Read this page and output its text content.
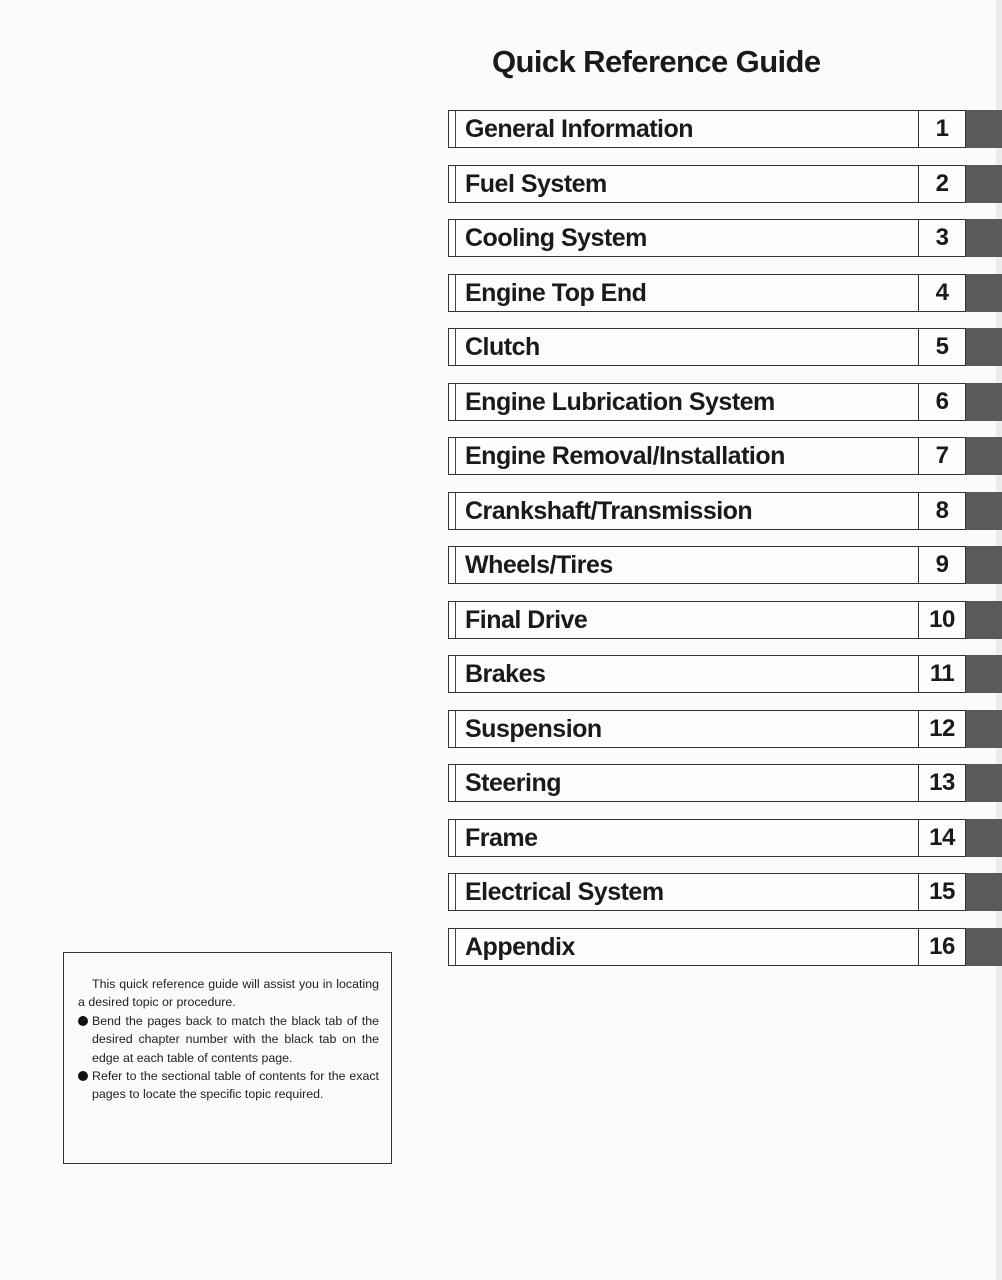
Quick Reference Guide
General Information	1
Fuel System	2
Cooling System	3
Engine Top End	4
Clutch	5
Engine Lubrication System	6
Engine Removal/Installation	7
Crankshaft/Transmission	8
Wheels/Tires	9
Final Drive	10
Brakes	11
Suspension	12
Steering	13
Frame	14
Electrical System	15
Appendix	16

This quick reference guide will assist you in locating a desired topic or procedure.

Bend the pages back to match the black tab of the desired chapter number with the black tab on the edge at each table of contents page.

Refer to the sectional table of contents for the exact pages to locate the specific topic required.
